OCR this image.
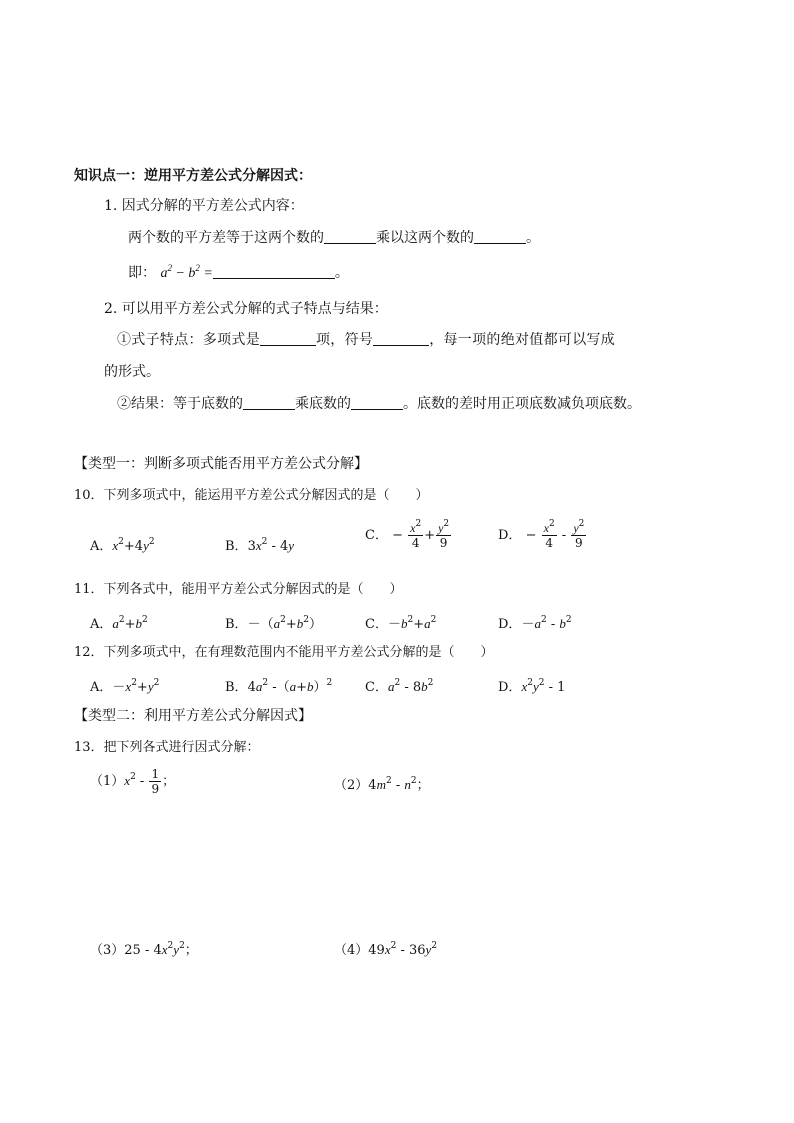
知识点一：逆用平方差公式分解因式：
1. 因式分解的平方差公式内容：
两个数的平方差等于这两个数的	乘以这两个数的	。
即： $a^2 - b^2$ =	。
2. 可以用平方差公式分解的式子特点与结果：
①式子特点：多项式是	项，符号	，每一项的绝对值都可以写成
的形式。
②结果：等于底数的	乘底数的	。底数的差时用正项底数减负项底数。
【类型一：判断多项式能否用平方差公式分解】
10．下列多项式中，能运用平方差公式分解因式的是（　　）
A．$x^2+4y^2$	B．$3x^2 - 4y$
C． − $\frac{x^2}{4} + \frac{y^2}{9}$	D． − $\frac{x^2}{4} - \frac{y^2}{9}$
11．下列各式中，能用平方差公式分解因式的是（　　）
A．$a^2+b^2$	B．$-(a^2+b^2)$	C．$-b^2+a^2$	D．$-a^2 - b^2$
12．下列多项式中，在有理数范围内不能用平方差公式分解的是（　　）
A．$-x^2+y^2$	B．$4a^2$ $-(a+b)^2$	C．$a^2 - 8b^2$	D．$x^2y^2 - 1$
【类型二：利用平方差公式分解因式】
13．把下列各式进行因式分解：
$(1)x^2 - \frac{1}{9}$ ；	$(2)4m^2 - n^2$；
$(3)25 - 4x^2y^2$；	$(4)49x^2 - 36y^2$
